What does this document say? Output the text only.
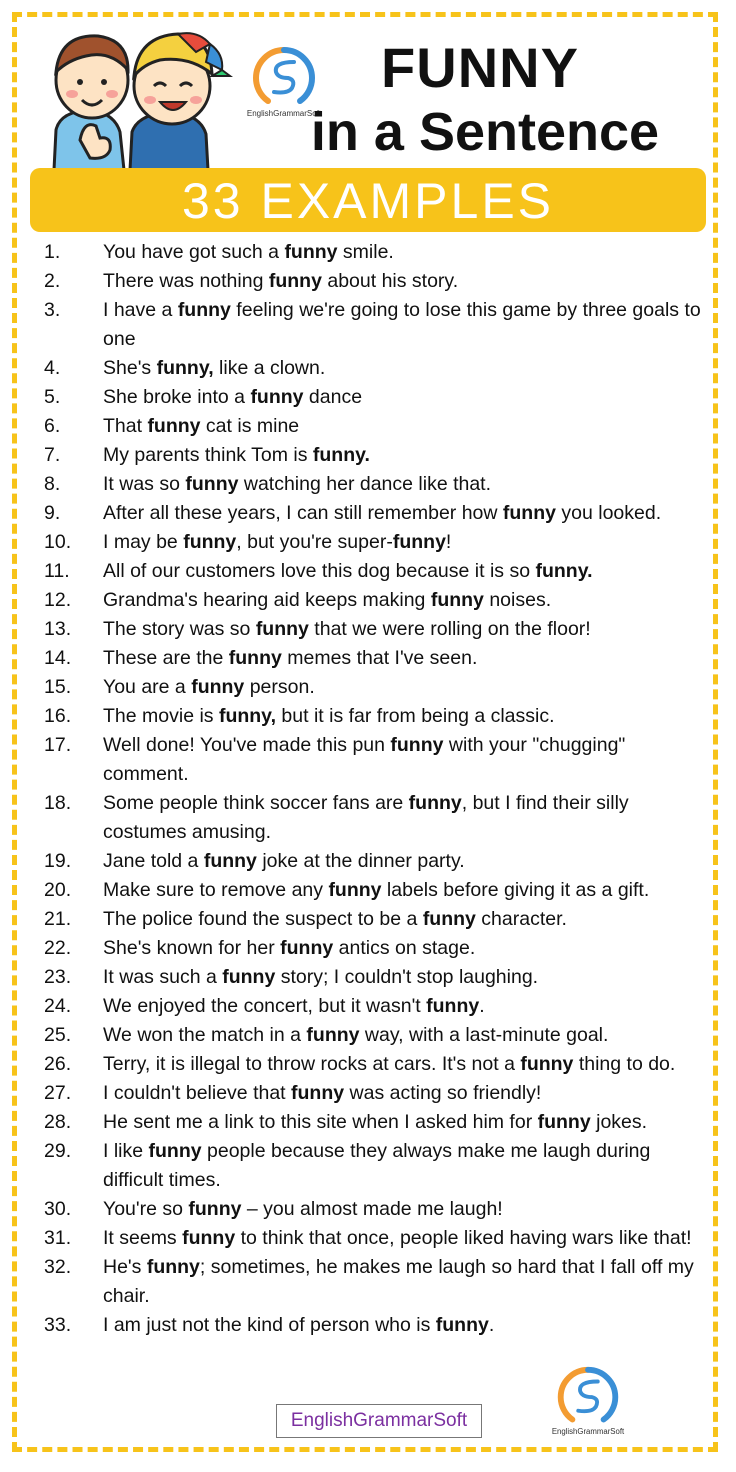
EnglishGrammarSoft
FUNNY
in a Sentence
33 EXAMPLES
1.	You have got such a funny smile.
2.	There was nothing funny about his story.
3.	I have a funny feeling we're going to lose this game by three goals to one
4.	She's funny, like a clown.
5.	She broke into a funny dance
6.	That funny cat is mine
7.	My parents think Tom is funny.
8.	It was so funny watching her dance like that.
9.	After all these years, I can still remember how funny you looked.
10.	I may be funny, but you're super-funny!
11.	All of our customers love this dog because it is so funny.
12.	Grandma's hearing aid keeps making funny noises.
13.	The story was so funny that we were rolling on the floor!
14.	These are the funny memes that I've seen.
15.	You are a funny person.
16.	The movie is funny, but it is far from being a classic.
17.	Well done! You've made this pun funny with your "chugging" comment.
18.	Some people think soccer fans are funny, but I find their silly costumes amusing.
19.	Jane told a funny joke at the dinner party.
20.	Make sure to remove any funny labels before giving it as a gift.
21.	The police found the suspect to be a funny character.
22.	She's known for her funny antics on stage.
23.	It was such a funny story; I couldn't stop laughing.
24.	We enjoyed the concert, but it wasn't funny.
25.	We won the match in a funny way, with a last-minute goal.
26.	Terry, it is illegal to throw rocks at cars. It's not a funny thing to do.
27.	I couldn't believe that funny was acting so friendly!
28.	He sent me a link to this site when I asked him for funny jokes.
29.	I like funny people because they always make me laugh during difficult times.
30.	You're so funny – you almost made me laugh!
31.	It seems funny to think that once, people liked having wars like that!
32.	He's funny; sometimes, he makes me laugh so hard that I fall off my chair.
33.	I am just not the kind of person who is funny.
EnglishGrammarSoft
EnglishGrammarSoft
